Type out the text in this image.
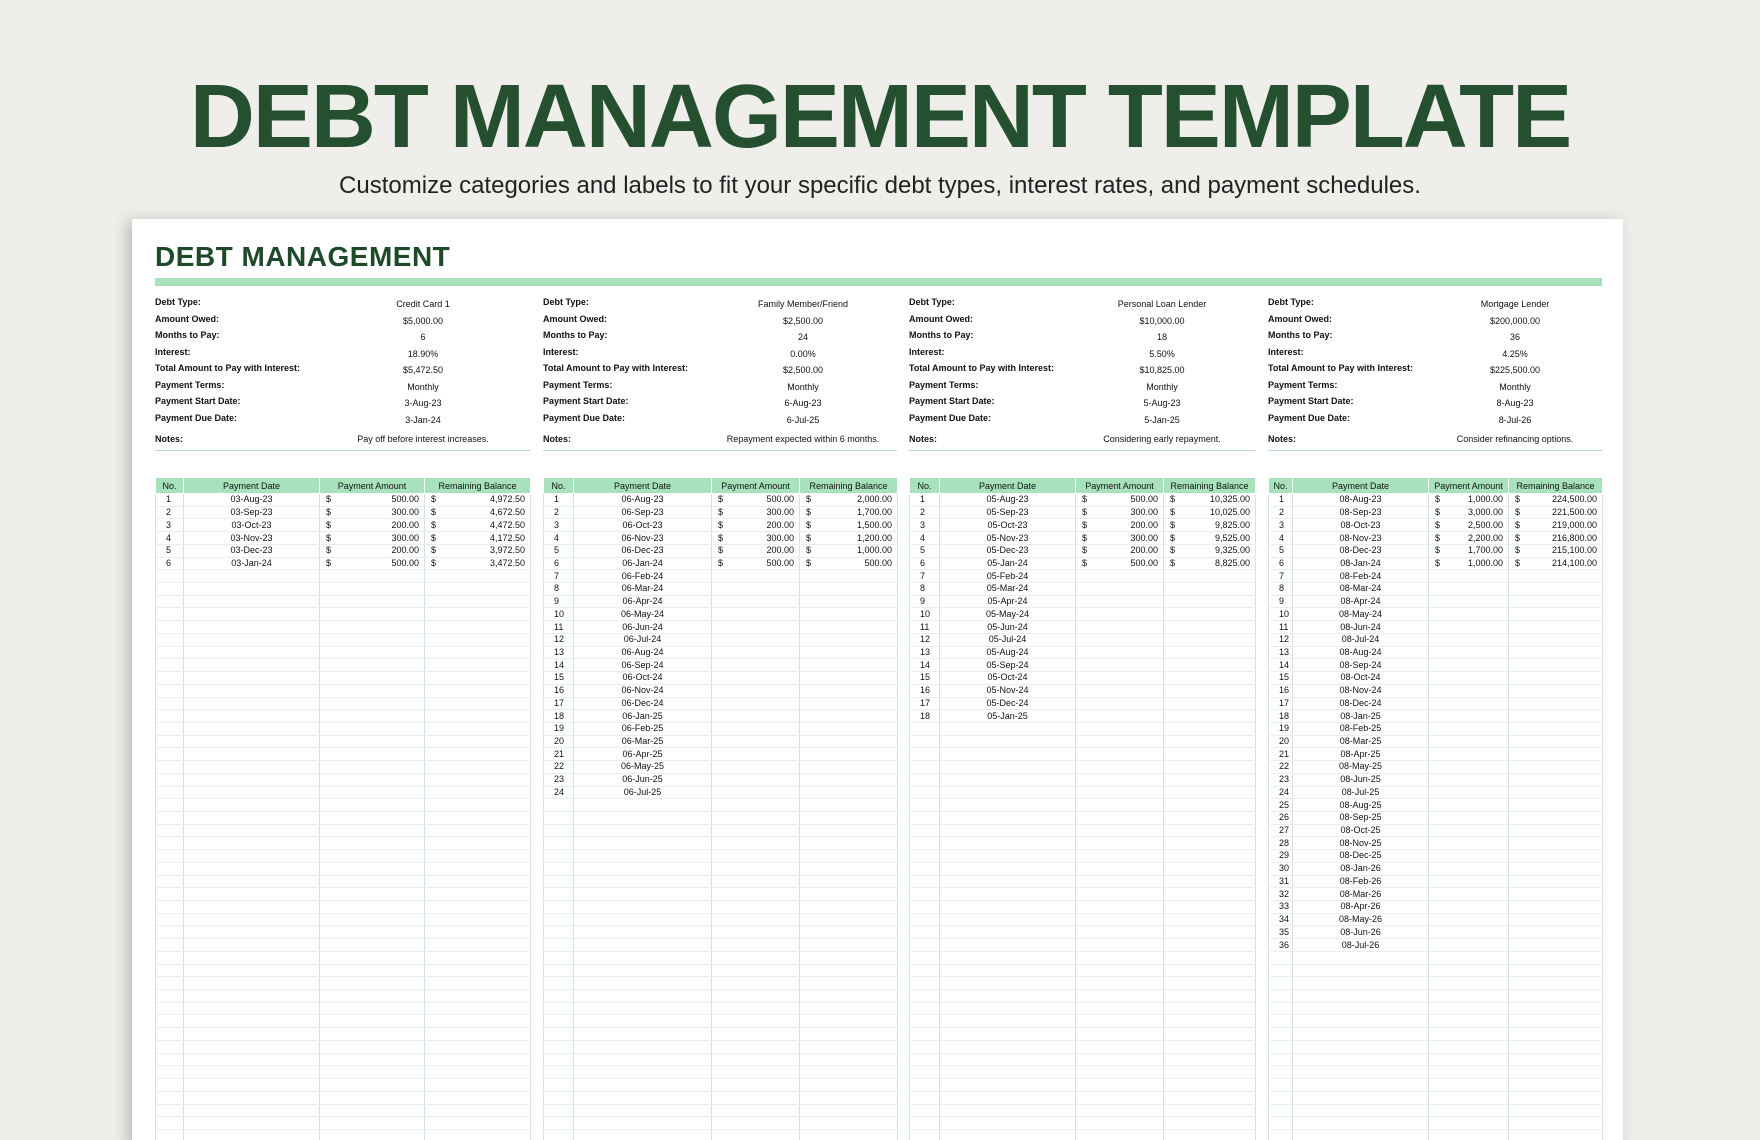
DEBT MANAGEMENT TEMPLATE
Customize categories and labels to fit your specific debt types, interest rates, and payment schedules.
DEBT MANAGEMENT
Debt Type:	Credit Card 1
Amount Owed:	$5,000.00
Months to Pay:	6
Interest:	18.90%
Total Amount to Pay with Interest:	$5,472.50
Payment Terms:	Monthly
Payment Start Date:	3-Aug-23
Payment Due Date:	3-Jan-24
Notes:	Pay off before interest increases.
No.	Payment Date	Payment Amount	Remaining Balance
1	03-Aug-23	$ 500.00	$ 4,972.50

2	03-Sep-23	$ 300.00	$ 4,672.50

3	03-Oct-23	$ 200.00	$ 4,472.50

4	03-Nov-23	$ 300.00	$ 4,172.50

5	03-Dec-23	$ 200.00	$ 3,972.50

6	03-Jan-24	$ 500.00	$ 3,472.50

Debt Type:	Family Member/Friend
Amount Owed:	$2,500.00
Months to Pay:	24
Interest:	0.00%
Total Amount to Pay with Interest:	$2,500.00
Payment Terms:	Monthly
Payment Start Date:	6-Aug-23
Payment Due Date:	6-Jul-25
Notes:	Repayment expected within 6 months.
No.	Payment Date	Payment Amount	Remaining Balance
1	06-Aug-23	$ 500.00	$ 2,000.00

2	06-Sep-23	$ 300.00	$ 1,700.00

3	06-Oct-23	$ 200.00	$ 1,500.00

4	06-Nov-23	$ 300.00	$ 1,200.00

5	06-Dec-23	$ 200.00	$ 1,000.00

6	06-Jan-24	$ 500.00	$ 500.00

7	06-Feb-24		
8	06-Mar-24		
9	06-Apr-24		
10	06-May-24		
11	06-Jun-24		
12	06-Jul-24		
13	06-Aug-24		
14	06-Sep-24		
15	06-Oct-24		
16	06-Nov-24		
17	06-Dec-24		
18	06-Jan-25		
19	06-Feb-25		
20	06-Mar-25		
21	06-Apr-25		
22	06-May-25		
23	06-Jun-25		
24	06-Jul-25		

Debt Type:	Personal Loan Lender
Amount Owed:	$10,000.00
Months to Pay:	18
Interest:	5.50%
Total Amount to Pay with Interest:	$10,825.00
Payment Terms:	Monthly
Payment Start Date:	5-Aug-23
Payment Due Date:	5-Jan-25
Notes:	Considering early repayment.
No.	Payment Date	Payment Amount	Remaining Balance
1	05-Aug-23	$ 500.00	$ 10,325.00

2	05-Sep-23	$ 300.00	$ 10,025.00

3	05-Oct-23	$ 200.00	$ 9,825.00

4	05-Nov-23	$ 300.00	$ 9,525.00

5	05-Dec-23	$ 200.00	$ 9,325.00

6	05-Jan-24	$ 500.00	$ 8,825.00

7	05-Feb-24		
8	05-Mar-24		
9	05-Apr-24		
10	05-May-24		
11	05-Jun-24		
12	05-Jul-24		
13	05-Aug-24		
14	05-Sep-24		
15	05-Oct-24		
16	05-Nov-24		
17	05-Dec-24		
18	05-Jan-25		

Debt Type:	Mortgage Lender
Amount Owed:	$200,000.00
Months to Pay:	36
Interest:	4.25%
Total Amount to Pay with Interest:	$225,500.00
Payment Terms:	Monthly
Payment Start Date:	8-Aug-23
Payment Due Date:	8-Jul-26
Notes:	Consider refinancing options.
No.	Payment Date	Payment Amount	Remaining Balance
1	08-Aug-23	$ 1,000.00	$ 224,500.00

2	08-Sep-23	$ 3,000.00	$ 221,500.00

3	08-Oct-23	$ 2,500.00	$ 219,000.00

4	08-Nov-23	$ 2,200.00	$ 216,800.00

5	08-Dec-23	$ 1,700.00	$ 215,100.00

6	08-Jan-24	$ 1,000.00	$ 214,100.00

7	08-Feb-24		
8	08-Mar-24		
9	08-Apr-24		
10	08-May-24		
11	08-Jun-24		
12	08-Jul-24		
13	08-Aug-24		
14	08-Sep-24		
15	08-Oct-24		
16	08-Nov-24		
17	08-Dec-24		
18	08-Jan-25		
19	08-Feb-25		
20	08-Mar-25		
21	08-Apr-25		
22	08-May-25		
23	08-Jun-25		
24	08-Jul-25		
25	08-Aug-25		
26	08-Sep-25		
27	08-Oct-25		
28	08-Nov-25		
29	08-Dec-25		
30	08-Jan-26		
31	08-Feb-26		
32	08-Mar-26		
33	08-Apr-26		
34	08-May-26		
35	08-Jun-26		
36	08-Jul-26		
